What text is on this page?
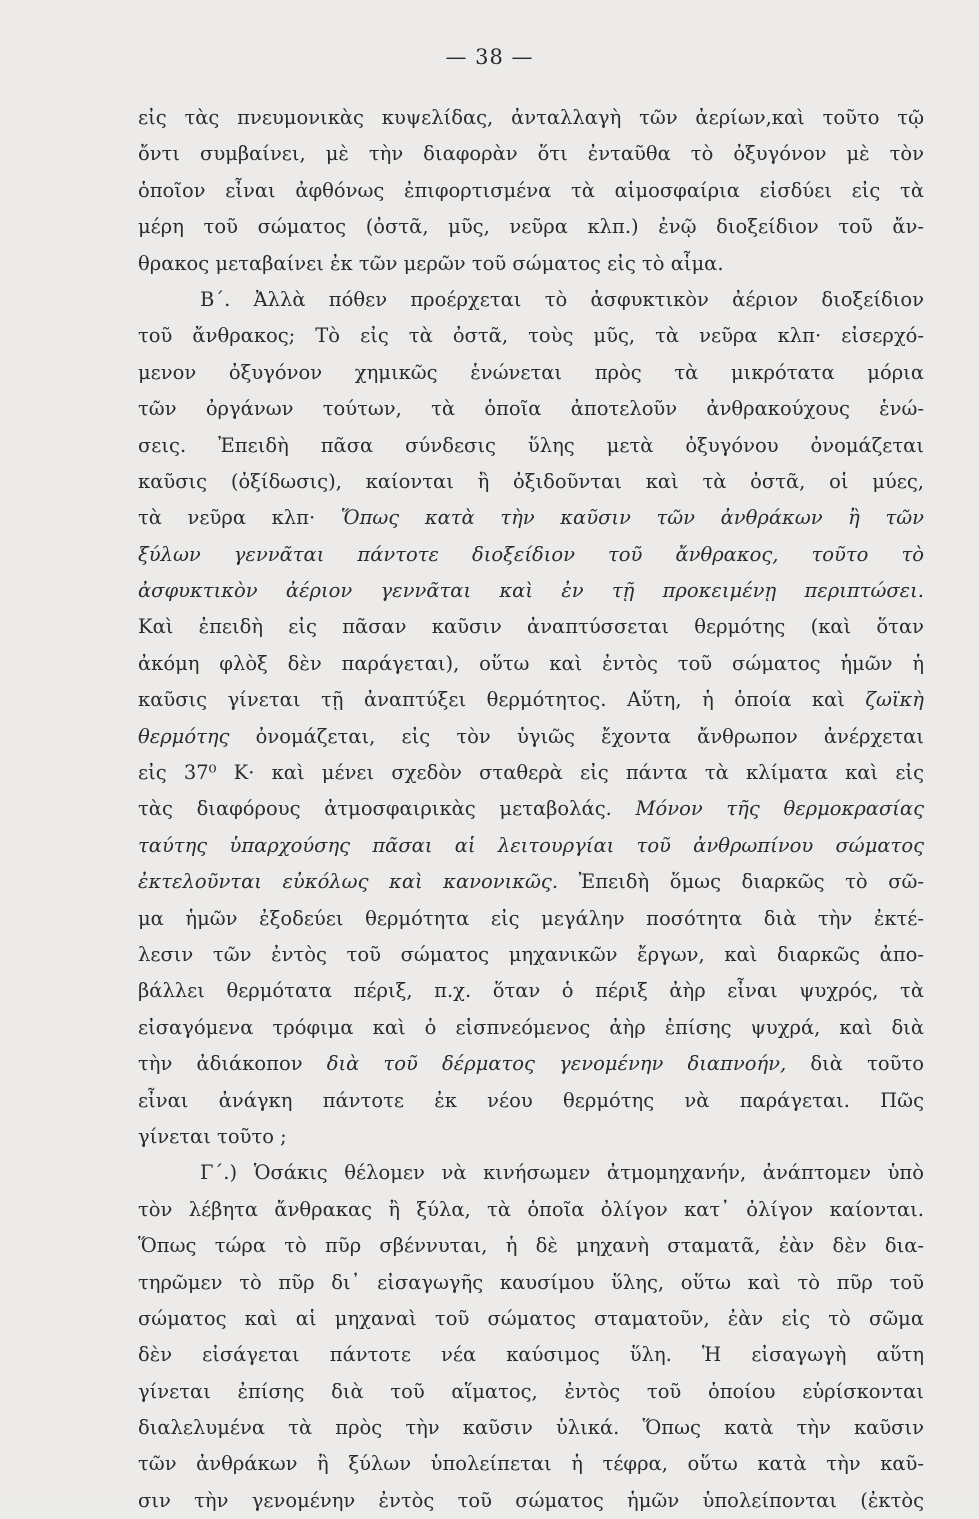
— 38 —
εἰς τὰς πνευμονικὰς κυψελίδας, ἀνταλλαγὴ τῶν ἀερίων,καὶ τοῦτο τῷ
ὄντι συμβαίνει, μὲ τὴν διαφορὰν ὅτι ἐνταῦθα τὸ ὀξυγόνον μὲ τὸν
ὁποῖον εἶναι ἀφθόνως ἐπιφορτισμένα τὰ αἱμοσφαίρια εἰσδύει εἰς τὰ
μέρη τοῦ σώματος (ὀστᾶ, μῦς, νεῦρα κλπ.) ἐνῷ διοξείδιον τοῦ ἄν-
θρακος μεταβαίνει ἐκ τῶν μερῶν τοῦ σώματος εἰς τὸ αἷμα.
Β΄. Ἀλλὰ πόθεν προέρχεται τὸ ἀσφυκτικὸν ἀέριον διοξείδιον
τοῦ ἄνθρακος; Τὸ εἰς τὰ ὀστᾶ, τοὺς μῦς, τὰ νεῦρα κλπ· εἰσερχό-
μενον ὀξυγόνον χημικῶς ἑνώνεται πρὸς τὰ μικρότατα μόρια
τῶν ὀργάνων τούτων, τὰ ὁποῖα ἀποτελοῦν ἀνθρακούχους ἑνώ-
σεις. Ἐπειδὴ πᾶσα σύνδεσις ὕλης μετὰ ὀξυγόνου ὀνομάζεται
καῦσις (ὀξίδωσις), καίονται ἢ ὀξιδοῦνται καὶ τὰ ὀστᾶ, οἱ μύες,
τὰ νεῦρα κλπ· Ὅπως κατὰ τὴν καῦσιν τῶν ἀνθράκων ἢ τῶν
ξύλων γεννᾶται πάντοτε διοξείδιον τοῦ ἄνθρακος, τοῦτο τὸ
ἀσφυκτικὸν ἀέριον γεννᾶται καὶ ἐν τῇ προκειμένῃ περιπτώσει.
Καὶ ἐπειδὴ εἰς πᾶσαν καῦσιν ἀναπτύσσεται θερμότης (καὶ ὅταν
ἀκόμη φλὸξ δὲν παράγεται), οὕτω καὶ ἐντὸς τοῦ σώματος ἡμῶν ἡ
καῦσις γίνεται τῇ ἀναπτύξει θερμότητος. Αὕτη, ἡ ὁποία καὶ ζωϊκὴ
θερμότης ὀνομάζεται, εἰς τὸν ὑγιῶς ἔχοντα ἄνθρωπον ἀνέρχεται
εἰς 37⁰ Κ· καὶ μένει σχεδὸν σταθερὰ εἰς πάντα τὰ κλίματα καὶ εἰς
τὰς διαφόρους ἀτμοσφαιρικὰς μεταβολάς. Μόνον τῆς θερμοκρασίας
ταύτης ὑπαρχούσης πᾶσαι αἱ λειτουργίαι τοῦ ἀνθρωπίνου σώματος
ἐκτελοῦνται εὐκόλως καὶ κανονικῶς. Ἐπειδὴ ὅμως διαρκῶς τὸ σῶ-
μα ἡμῶν ἐξοδεύει θερμότητα εἰς μεγάλην ποσότητα διὰ τὴν ἐκτέ-
λεσιν τῶν ἐντὸς τοῦ σώματος μηχανικῶν ἔργων, καὶ διαρκῶς ἀπο-
βάλλει θερμότατα πέριξ, π.χ. ὅταν ὁ πέριξ ἀὴρ εἶναι ψυχρός, τὰ
εἰσαγόμενα τρόφιμα καὶ ὁ εἰσπνεόμενος ἀὴρ ἐπίσης ψυχρά, καὶ διὰ
τὴν ἀδιάκοπον διὰ τοῦ δέρματος γενομένην διαπνοήν, διὰ τοῦτο
εἶναι ἀνάγκη πάντοτε ἐκ νέου θερμότης νὰ παράγεται. Πῶς
γίνεται τοῦτο ;
Γ΄.) Ὁσάκις θέλομεν νὰ κινήσωμεν ἀτμομηχανήν, ἀνάπτομεν ὑπὸ
τὸν λέβητα ἄνθρακας ἢ ξύλα, τὰ ὁποῖα ὀλίγον κατ᾽ ὀλίγον καίονται.
Ὅπως τώρα τὸ πῦρ σβέννυται, ἡ δὲ μηχανὴ σταματᾶ, ἐὰν δὲν δια-
τηρῶμεν τὸ πῦρ δι᾽ εἰσαγωγῆς καυσίμου ὕλης, οὕτω καὶ τὸ πῦρ τοῦ
σώματος καὶ αἱ μηχαναὶ τοῦ σώματος σταματοῦν, ἐὰν εἰς τὸ σῶμα
δὲν εἰσάγεται πάντοτε νέα καύσιμος ὕλη. Ἡ εἰσαγωγὴ αὕτη
γίνεται ἐπίσης διὰ τοῦ αἵματος, ἐντὸς τοῦ ὁποίου εὑρίσκονται
διαλελυμένα τὰ πρὸς τὴν καῦσιν ὑλικά. Ὅπως κατὰ τὴν καῦσιν
τῶν ἀνθράκων ἢ ξύλων ὑπολείπεται ἡ τέφρα, οὕτω κατὰ τὴν καῦ-
σιν τὴν γενομένην ἐντὸς τοῦ σώματος ἡμῶν ὑπολείπονται (ἐκτὸς
